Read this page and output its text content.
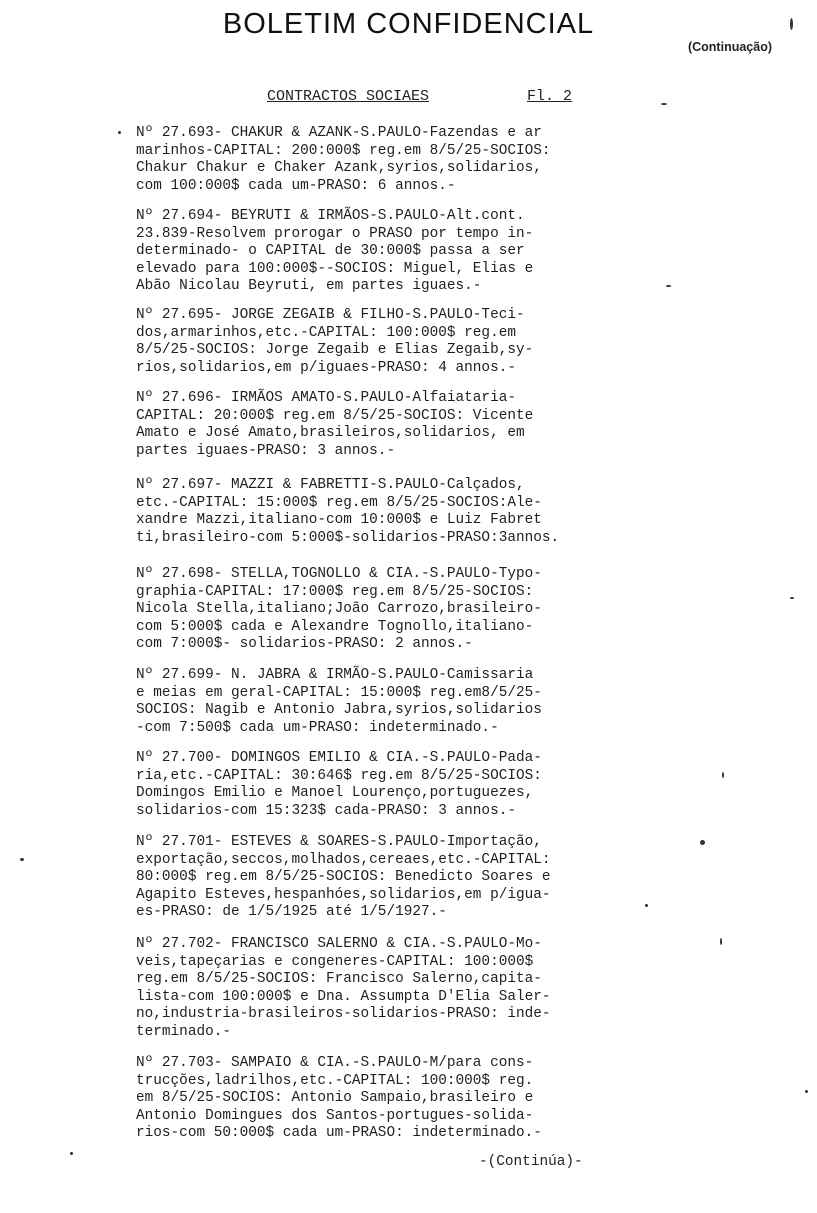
BOLETIM CONFIDENCIAL
(Continuação)
CONTRACTOS SOCIAES	Fl. 2
Nº 27.693- CHAKUR & AZANK-S.PAULO-Fazendas e ar
marinhos-CAPITAL: 200:000$ reg.em 8/5/25-SOCIOS:
Chakur Chakur e Chaker Azank,syrios,solidarios,
com 100:000$ cada um-PRASO: 6 annos.-
Nº 27.694- BEYRUTI & IRMÃOS-S.PAULO-Alt.cont.
23.839-Resolvem prorogar o PRASO por tempo in-
determinado- o CAPITAL de 30:000$ passa a ser
elevado para 100:000$--SOCIOS: Miguel, Elias e
Abão Nicolau Beyruti, em partes iguaes.-
Nº 27.695- JORGE ZEGAIB & FILHO-S.PAULO-Teci-
dos,armarinhos,etc.-CAPITAL: 100:000$ reg.em
8/5/25-SOCIOS: Jorge Zegaib e Elias Zegaib,sy-
rios,solidarios,em p/iguaes-PRASO: 4 annos.-
Nº 27.696- IRMÃOS AMATO-S.PAULO-Alfaiataria-
CAPITAL: 20:000$ reg.em 8/5/25-SOCIOS: Vicente
Amato e José Amato,brasileiros,solidarios, em
partes iguaes-PRASO: 3 annos.-
Nº 27.697- MAZZI & FABRETTI-S.PAULO-Calçados,
etc.-CAPITAL: 15:000$ reg.em 8/5/25-SOCIOS:Ale-
xandre Mazzi,italiano-com 10:000$ e Luiz Fabret
ti,brasileiro-com 5:000$-solidarios-PRASO:3annos.
Nº 27.698- STELLA,TOGNOLLO & CIA.-S.PAULO-Typo-
graphia-CAPITAL: 17:000$ reg.em 8/5/25-SOCIOS:
Nicola Stella,italiano;João Carrozo,brasileiro-
com 5:000$ cada e Alexandre Tognollo,italiano-
com 7:000$- solidarios-PRASO: 2 annos.-
Nº 27.699- N. JABRA & IRMÃO-S.PAULO-Camissaria
e meias em geral-CAPITAL: 15:000$ reg.em8/5/25-
SOCIOS: Nagib e Antonio Jabra,syrios,solidarios
-com 7:500$ cada um-PRASO: indeterminado.-
Nº 27.700- DOMINGOS EMILIO & CIA.-S.PAULO-Pada-
ria,etc.-CAPITAL: 30:646$ reg.em 8/5/25-SOCIOS:
Domingos Emilio e Manoel Lourenço,portuguezes,
solidarios-com 15:323$ cada-PRASO: 3 annos.-
Nº 27.701- ESTEVES & SOARES-S.PAULO-Importação,
exportação,seccos,molhados,cereaes,etc.-CAPITAL:
80:000$ reg.em 8/5/25-SOCIOS: Benedicto Soares e
Agapito Esteves,hespanhóes,solidarios,em p/igua-
es-PRASO: de 1/5/1925 até 1/5/1927.-
Nº 27.702- FRANCISCO SALERNO & CIA.-S.PAULO-Mo-
veis,tapeçarias e congeneres-CAPITAL: 100:000$
reg.em 8/5/25-SOCIOS: Francisco Salerno,capita-
lista-com 100:000$ e Dna. Assumpta D'Elia Saler-
no,industria-brasileiros-solidarios-PRASO: inde-
terminado.-
Nº 27.703- SAMPAIO & CIA.-S.PAULO-M/para cons-
trucções,ladrilhos,etc.-CAPITAL: 100:000$ reg.
em 8/5/25-SOCIOS: Antonio Sampaio,brasileiro e
Antonio Domingues dos Santos-portugues-solida-
rios-com 50:000$ cada um-PRASO: indeterminado.-
-(Continúa)-
